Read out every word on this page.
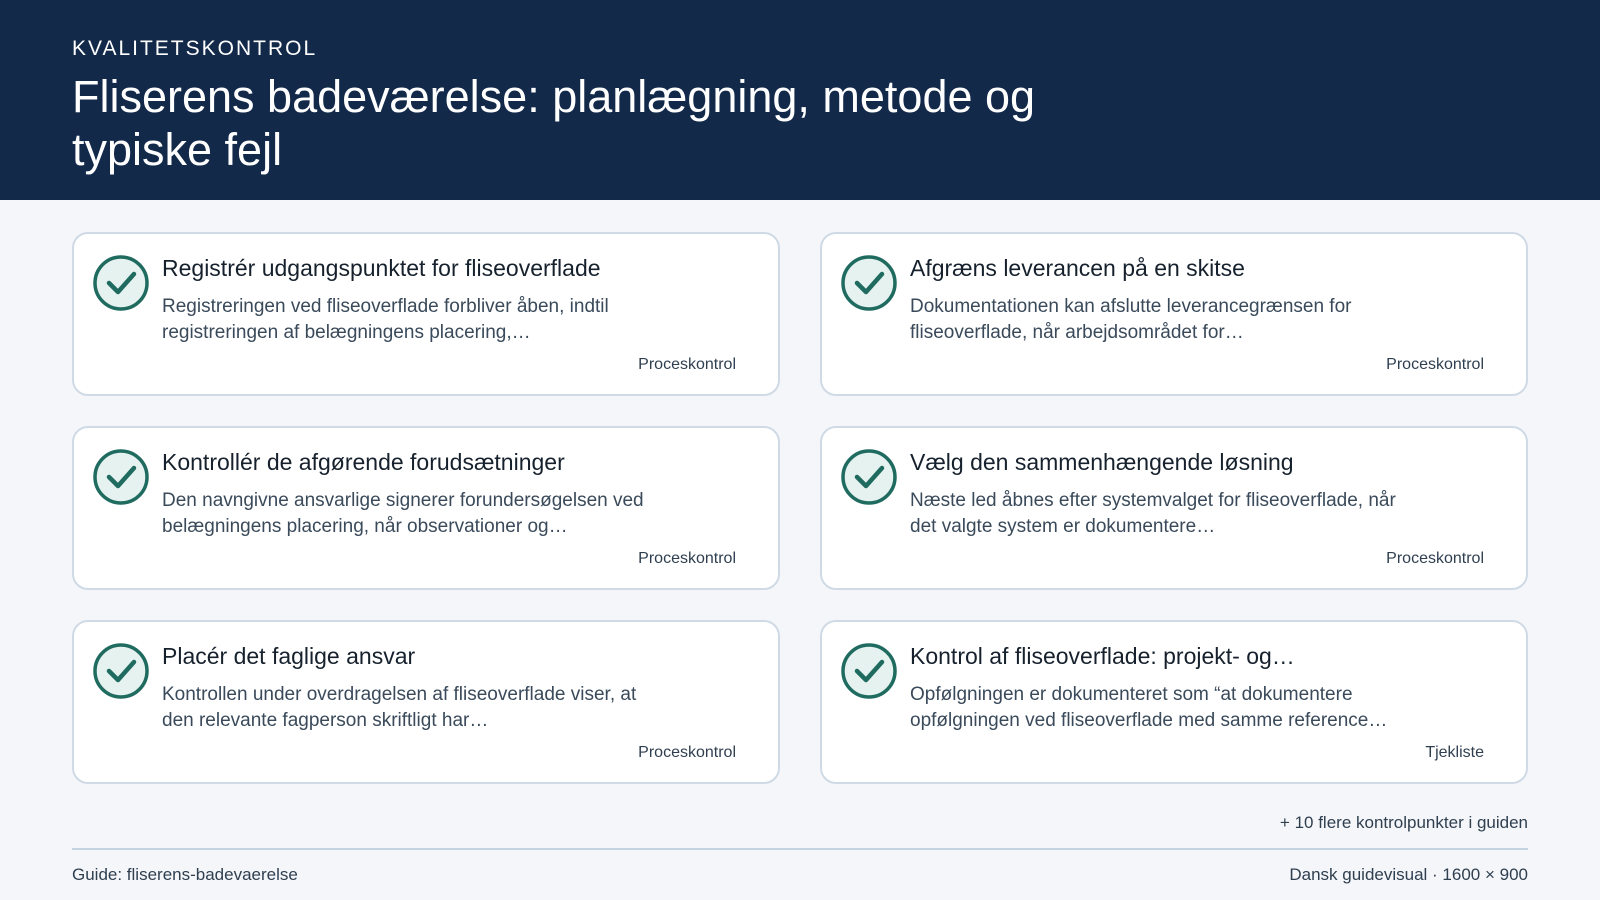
KVALITETSKONTROL
Fliserens badeværelse: planlægning, metode og typiske fejl
Registrér udgangspunktet for fliseoverflade
Registreringen ved fliseoverflade forbliver åben, indtil registreringen af belægningens placering,…
Proceskontrol
Afgræns leverancen på en skitse
Dokumentationen kan afslutte leverancegrænsen for fliseoverflade, når arbejdsområdet for…
Proceskontrol
Kontrollér de afgørende forudsætninger
Den navngivne ansvarlige signerer forundersøgelsen ved belægningens placering, når observationer og…
Proceskontrol
Vælg den sammenhængende løsning
Næste led åbnes efter systemvalget for fliseoverflade, når det valgte system er dokumentere…
Proceskontrol
Placér det faglige ansvar
Kontrollen under overdragelsen af fliseoverflade viser, at den relevante fagperson skriftligt har…
Proceskontrol
Kontrol af fliseoverflade: projekt- og…
Opfølgningen er dokumenteret som “at dokumentere opfølgningen ved fliseoverflade med samme reference…
Tjekliste
+ 10 flere kontrolpunkter i guiden
Guide: fliserens-badevaerelse	Dansk guidevisual · 1600 × 900
